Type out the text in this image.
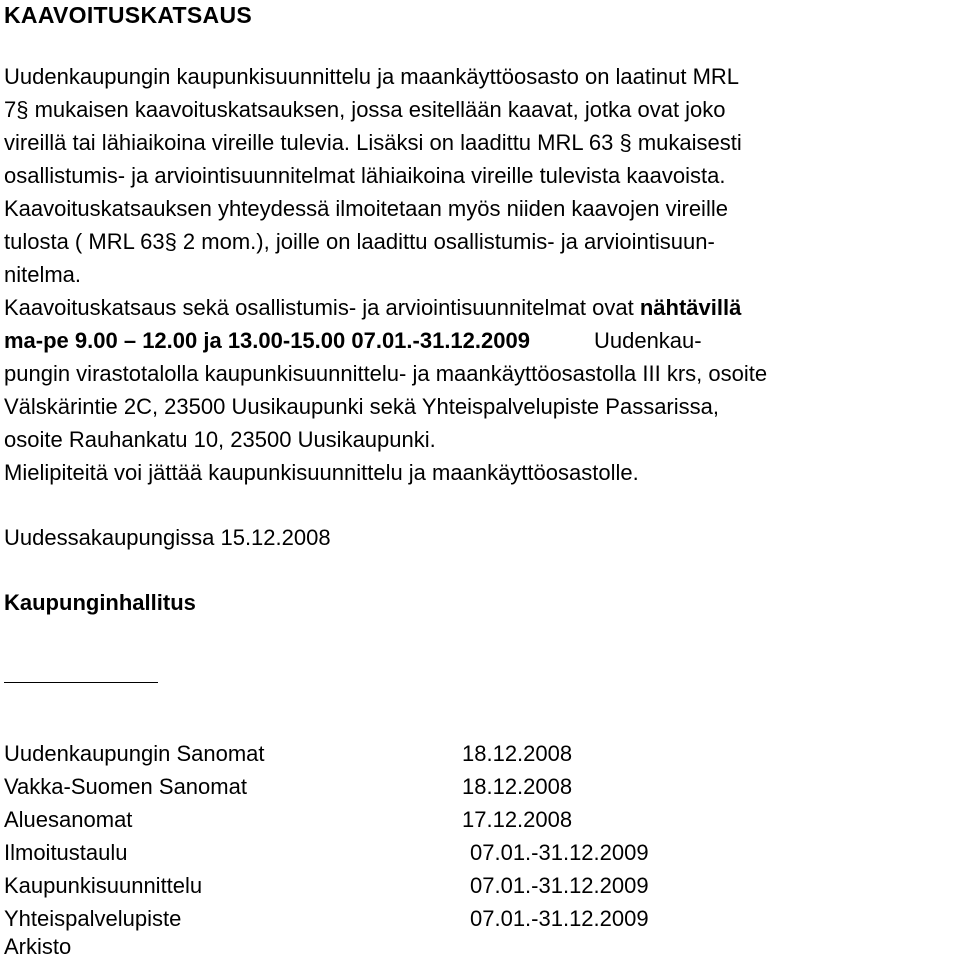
KAAVOITUSKATSAUS
Uudenkaupungin kaupunkisuunnittelu ja maankäyttöosasto on laatinut MRL
7§ mukaisen kaavoituskatsauksen, jossa esitellään kaavat, jotka ovat joko
vireillä tai lähiaikoina vireille tulevia. Lisäksi on laadittu MRL 63 § mukaisesti
osallistumis- ja arviointisuunnitelmat lähiaikoina vireille tulevista kaavoista.
Kaavoituskatsauksen yhteydessä ilmoitetaan myös niiden kaavojen vireille
tulosta ( MRL 63§ 2 mom.), joille on laadittu osallistumis- ja arviointisuun-
nitelma.
Kaavoituskatsaus sekä osallistumis- ja arviointisuunnitelmat ovat nähtävillä
ma-pe 9.00 – 12.00 ja 13.00-15.00 07.01.-31.12.2009	Uudenkau-
pungin virastotalolla kaupunkisuunnittelu- ja maankäyttöosastolla III krs, osoite
Välskärintie 2C, 23500 Uusikaupunki sekä Yhteispalvelupiste Passarissa,
osoite Rauhankatu 10, 23500 Uusikaupunki.
Mielipiteitä voi jättää kaupunkisuunnittelu ja maankäyttöosastolle.
Uudessakaupungissa 15.12.2008
Kaupunginhallitus
Uudenkaupungin Sanomat	18.12.2008
Vakka-Suomen Sanomat	18.12.2008
Aluesanomat	17.12.2008
Ilmoitustaulu	07.01.-31.12.2009
Kaupunkisuunnittelu	07.01.-31.12.2009
Yhteispalvelupiste	07.01.-31.12.2009
Arkisto
